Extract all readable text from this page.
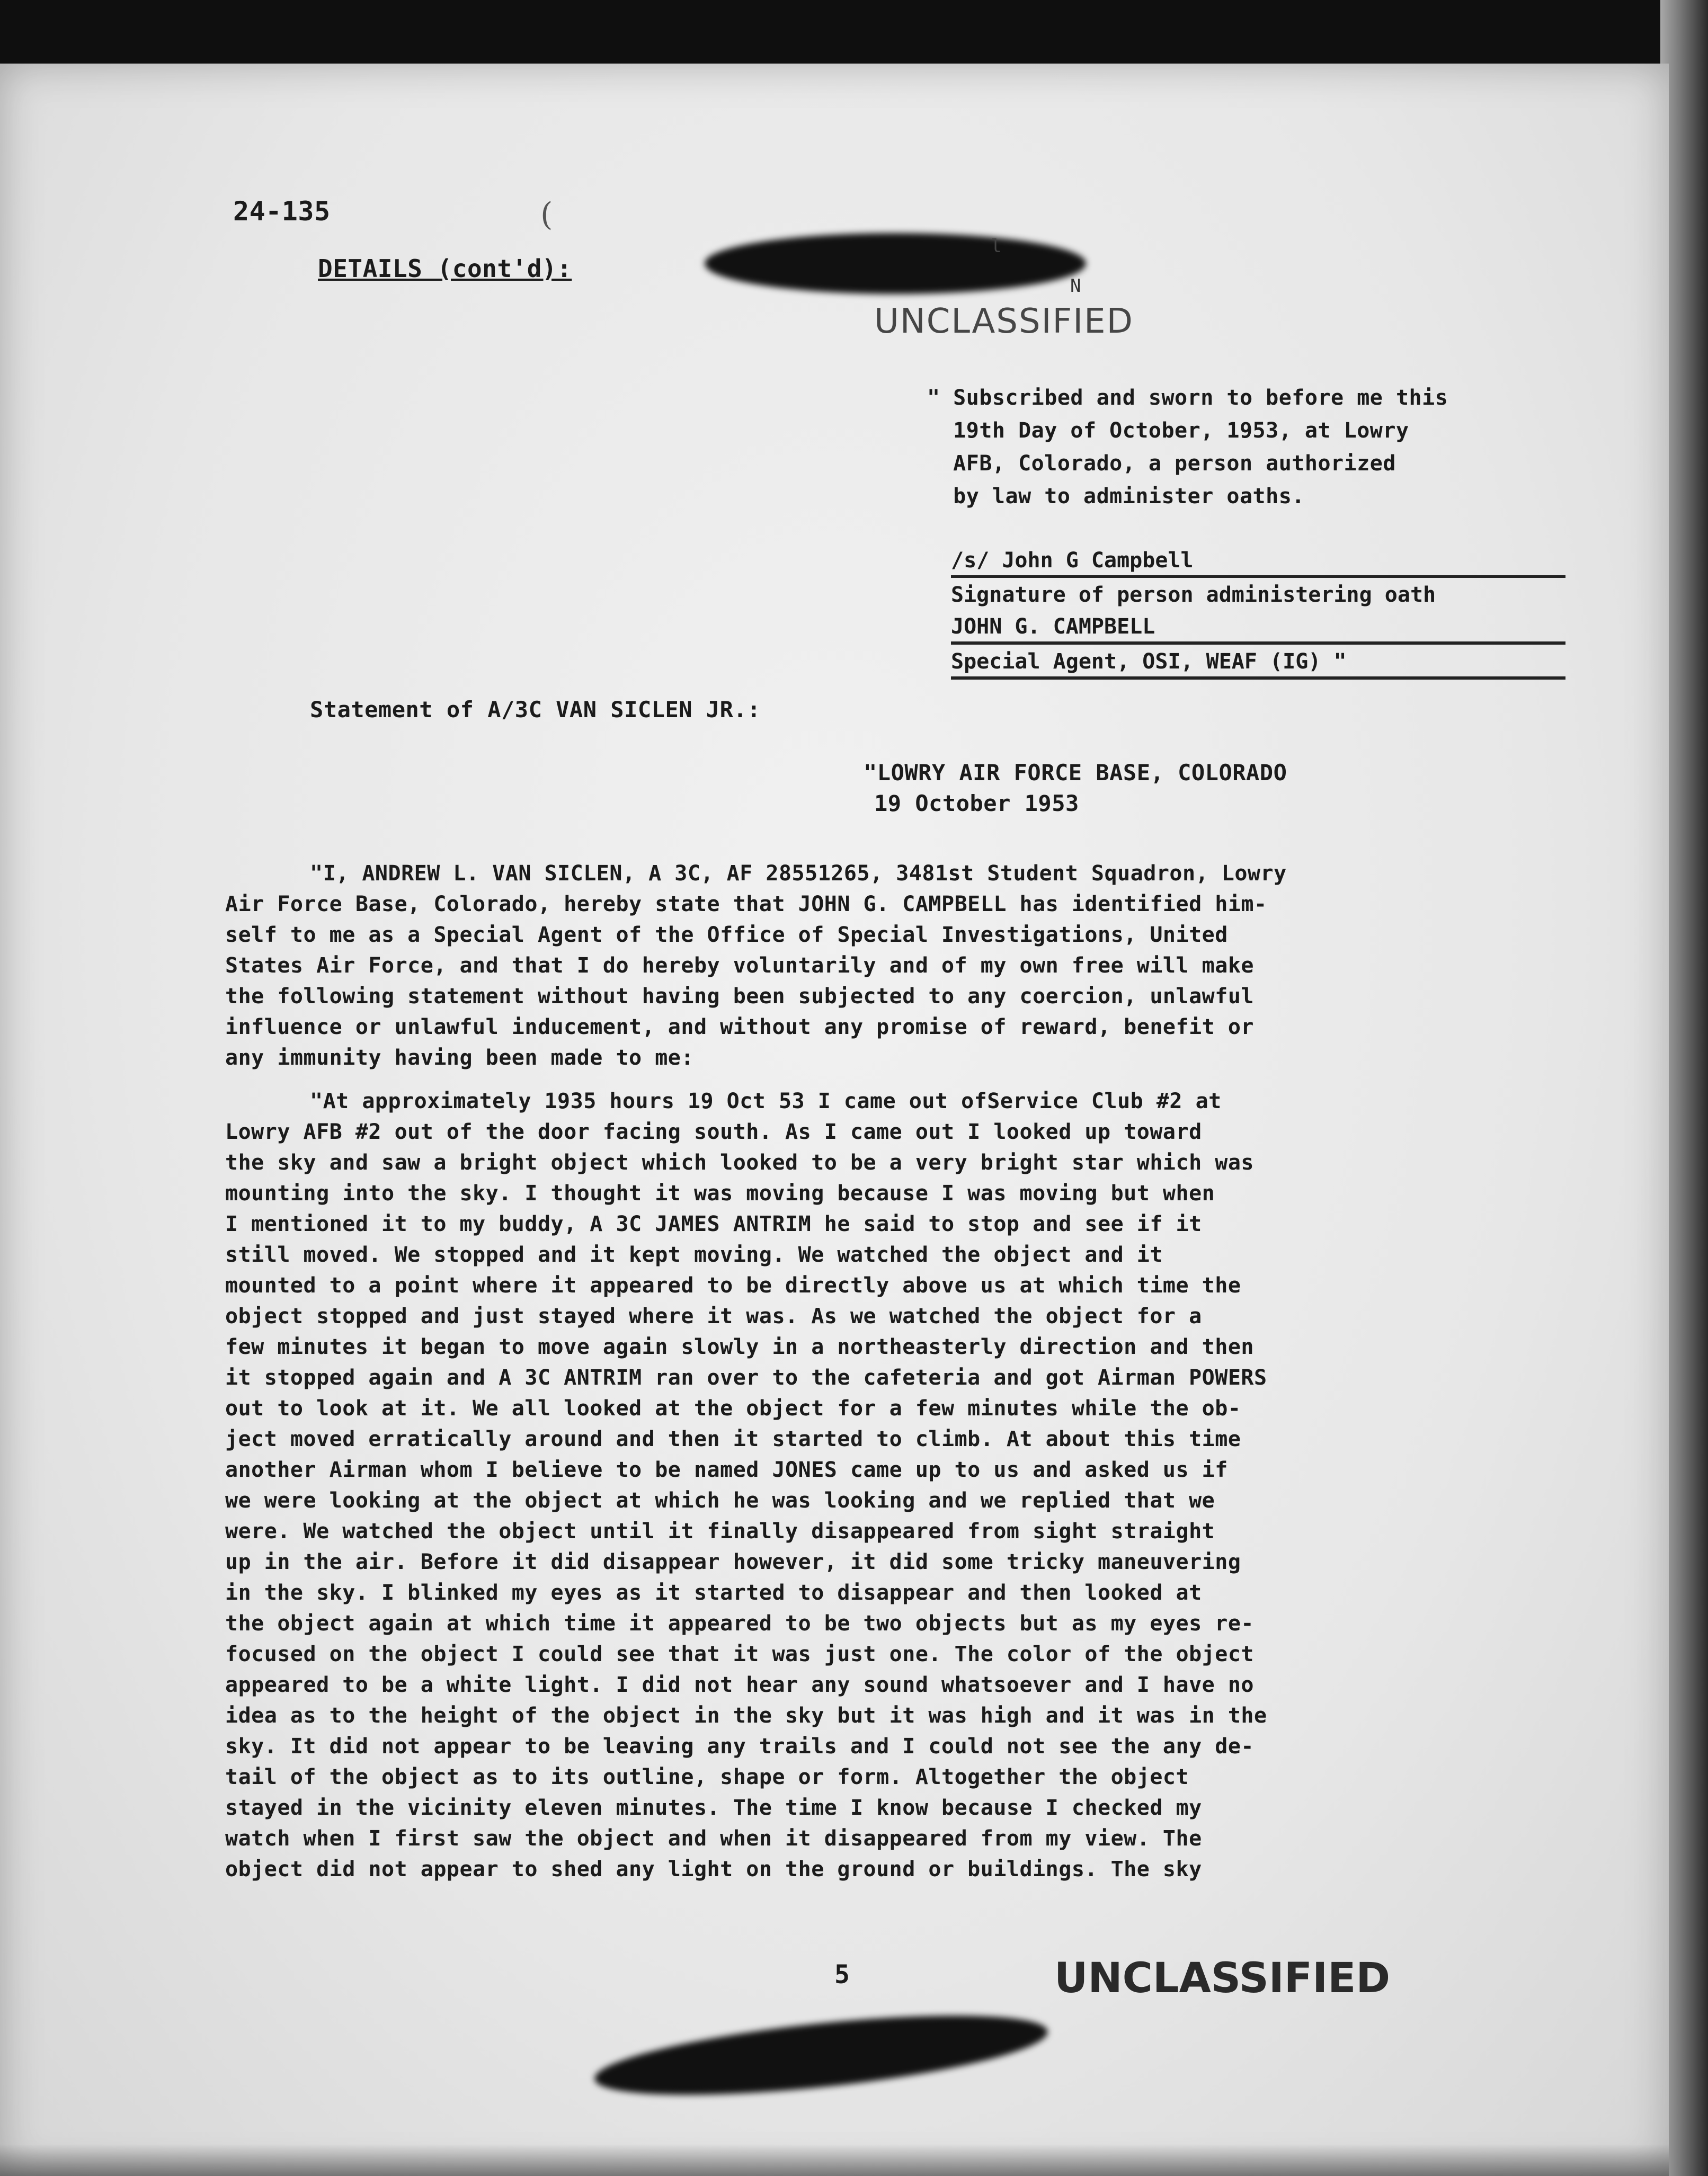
24-135
DETAILS (cont'd):
(
l
N
UNCLASSIFIED
" Subscribed and sworn to before me this
19th Day of October, 1953, at Lowry
AFB, Colorado, a person authorized
by law to administer oaths.
/s/ John G Campbell
Signature of person administering oath
JOHN G. CAMPBELL
Special Agent, OSI, WEAF (IG) "
Statement of A/3C VAN SICLEN JR.:
"LOWRY AIR FORCE BASE, COLORADO
19 October 1953
"I, ANDREW L. VAN SICLEN, A 3C, AF 28551265, 3481st Student Squadron, Lowry
Air Force Base, Colorado, hereby state that JOHN G. CAMPBELL has identified him-
self to me as a Special Agent of the Office of Special Investigations, United
States Air Force, and that I do hereby voluntarily and of my own free will make
the following statement without having been subjected to any coercion, unlawful
influence or unlawful inducement, and without any promise of reward, benefit or
any immunity having been made to me:
"At approximately 1935 hours 19 Oct 53 I came out ofService Club #2 at
Lowry AFB #2 out of the door facing south. As I came out I looked up toward
the sky and saw a bright object which looked to be a very bright star which was
mounting into the sky. I thought it was moving because I was moving but when
I mentioned it to my buddy, A 3C JAMES ANTRIM he said to stop and see if it
still moved. We stopped and it kept moving. We watched the object and it
mounted to a point where it appeared to be directly above us at which time the
object stopped and just stayed where it was. As we watched the object for a
few minutes it began to move again slowly in a northeasterly direction and then
it stopped again and A 3C ANTRIM ran over to the cafeteria and got Airman POWERS
out to look at it. We all looked at the object for a few minutes while the ob-
ject moved erratically around and then it started to climb. At about this time
another Airman whom I believe to be named JONES came up to us and asked us if
we were looking at the object at which he was looking and we replied that we
were. We watched the object until it finally disappeared from sight straight
up in the air. Before it did disappear however, it did some tricky maneuvering
in the sky. I blinked my eyes as it started to disappear and then looked at
the object again at which time it appeared to be two objects but as my eyes re-
focused on the object I could see that it was just one. The color of the object
appeared to be a white light. I did not hear any sound whatsoever and I have no
idea as to the height of the object in the sky but it was high and it was in the
sky. It did not appear to be leaving any trails and I could not see the any de-
tail of the object as to its outline, shape or form. Altogether the object
stayed in the vicinity eleven minutes. The time I know because I checked my
watch when I first saw the object and when it disappeared from my view. The
object did not appear to shed any light on the ground or buildings. The sky
5	UNCLASSIFIED
